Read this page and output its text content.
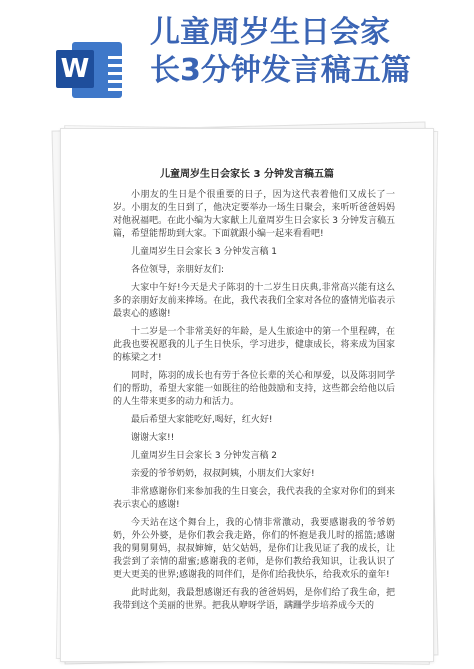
W
儿童周岁生日会家
长3分钟发言稿五篇
儿童周岁生日会家长 3 分钟发言稿五篇

小朋友的生日是个很重要的日子，因为这代表着他们又成长了一岁。小朋友的生日到了，他决定要举办一场生日聚会，来听听爸爸妈妈对他祝福吧。在此小编为大家献上儿童周岁生日会家长 3 分钟发言稿五篇，希望能帮助到大家。下面就跟小编一起来看看吧!

儿童周岁生日会家长 3 分钟发言稿 1

各位领导，亲朋好友们:

大家中午好!今天是犬子陈羽的十二岁生日庆典,非常高兴能有这么多的亲朋好友前来捧场。在此，我代表我们全家对各位的盛情光临表示最衷心的感谢!

十二岁是一个非常美好的年龄，是人生旅途中的第一个里程碑，在此我也要祝愿我的儿子生日快乐，学习进步，健康成长，将来成为国家的栋梁之才!

同时，陈羽的成长也有劳于各位长辈的关心和厚爱，以及陈羽同学们的帮助，希望大家能一如既往的给他鼓励和支持，这些都会给他以后的人生带来更多的动力和活力。

最后希望大家能吃好,喝好，红火好!

谢谢大家!!

儿童周岁生日会家长 3 分钟发言稿 2

亲爱的爷爷奶奶，叔叔阿姨，小朋友们大家好!

非常感谢你们来参加我的生日宴会，我代表我的全家对你们的到来表示衷心的感谢!

今天站在这个舞台上，我的心情非常激动，我要感谢我的爷爷奶奶，外公外婆，是你们教会我走路，你们的怀抱是我儿时的摇篮;感谢我的舅舅舅妈，叔叔婶婶，姑父姑妈，是你们让我见证了我的成长，让我尝到了亲情的甜蜜;感谢我的老师，是你们教给我知识，让我认识了更大更美的世界;感谢我的同伴们，是你们给我快乐，给我欢乐的童年!

此时此刻，我最想感谢还有我的爸爸妈妈，是你们给了我生命，把我带到这个美丽的世界。把我从咿呀学语，蹒跚学步培养成今天的
